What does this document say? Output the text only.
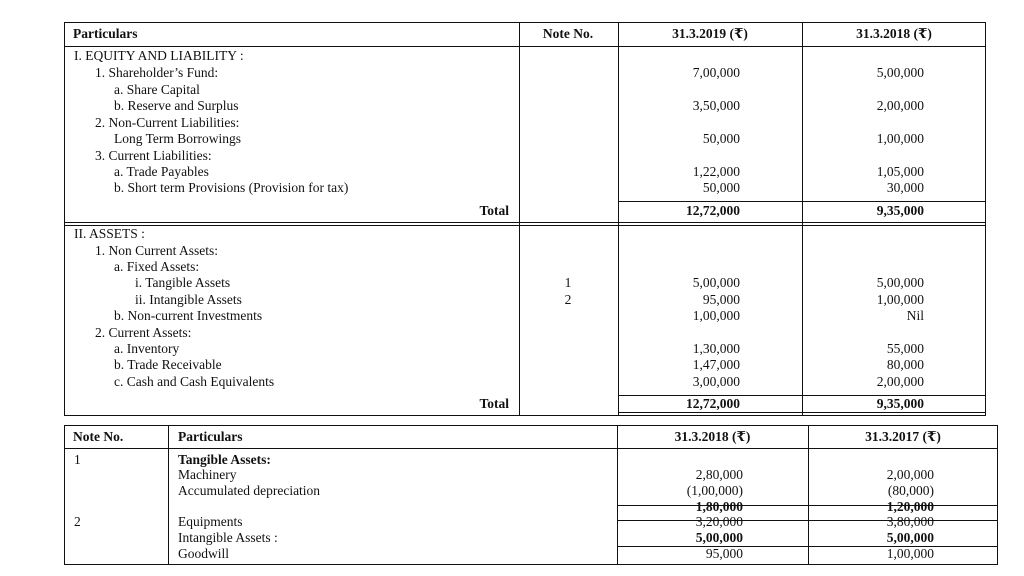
Particulars	Note No.	31.3.2019 (₹)	31.3.2018 (₹)
I. EQUITY AND LIABILITY :
1. Shareholder’s Fund:	7,00,000	5,00,000
a. Share Capital
b. Reserve and Surplus	3,50,000	2,00,000
2. Non-Current Liabilities:
Long Term Borrowings	50,000	1,00,000
3. Current Liabilities:
a. Trade Payables	1,22,000	1,05,000
b. Short term Provisions (Provision for tax)	50,000	30,000
Total	12,72,000	9,35,000
II. ASSETS :
1. Non Current Assets:
a. Fixed Assets:
i. Tangible Assets	1	5,00,000	5,00,000
ii. Intangible Assets	2	95,000	1,00,000
b. Non-current Investments	1,00,000	Nil
2. Current Assets:
a. Inventory	1,30,000	55,000
b. Trade Receivable	1,47,000	80,000
c. Cash and Cash Equivalents	3,00,000	2,00,000
Total	12,72,000	9,35,000
Note No.	Particulars	31.3.2018 (₹)	31.3.2017 (₹)
1	Tangible Assets:
Machinery	2,80,000	2,00,000
Accumulated depreciation	(1,00,000)	(80,000)
1,80,000	1,20,000
2	Equipments	3,20,000	3,80,000
Intangible Assets :	5,00,000	5,00,000
Goodwill	95,000	1,00,000
